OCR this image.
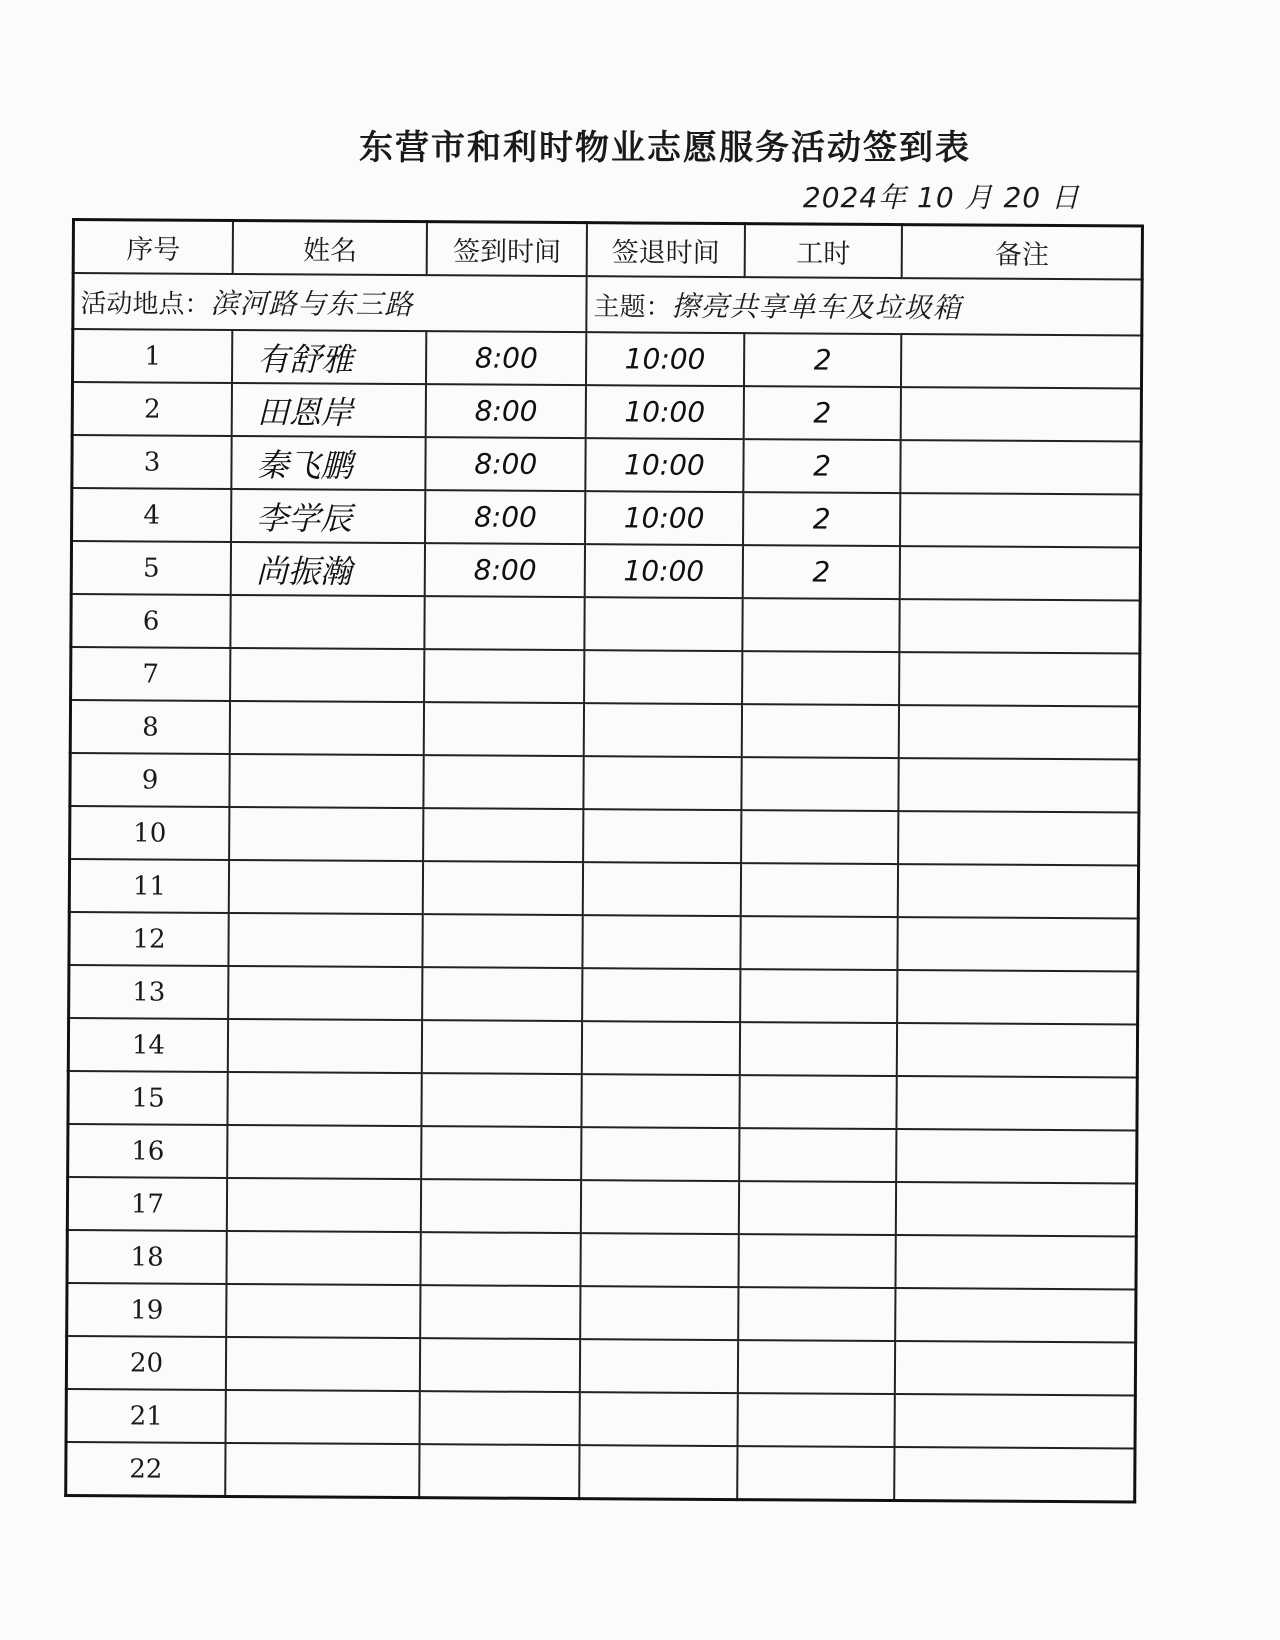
东营市和利时物业志愿服务活动签到表
2024年 10 月 20 日
活动地点：滨河路与东三路			主题：擦亮共享单车及垃圾箱		
序号	姓名	签到时间	签退时间	工时	备注
1	有舒雅	8:00	10:00	2	
2	田恩岸	8:00	10:00	2	
3	秦飞鹏	8:00	10:00	2	
4	李学辰	8:00	10:00	2	
5	尚振瀚	8:00	10:00	2	
6					
7					
8					
9					
10					
11					
12					
13					
14					
15					
16					
17					
18					
19					
20					
21					
22					
